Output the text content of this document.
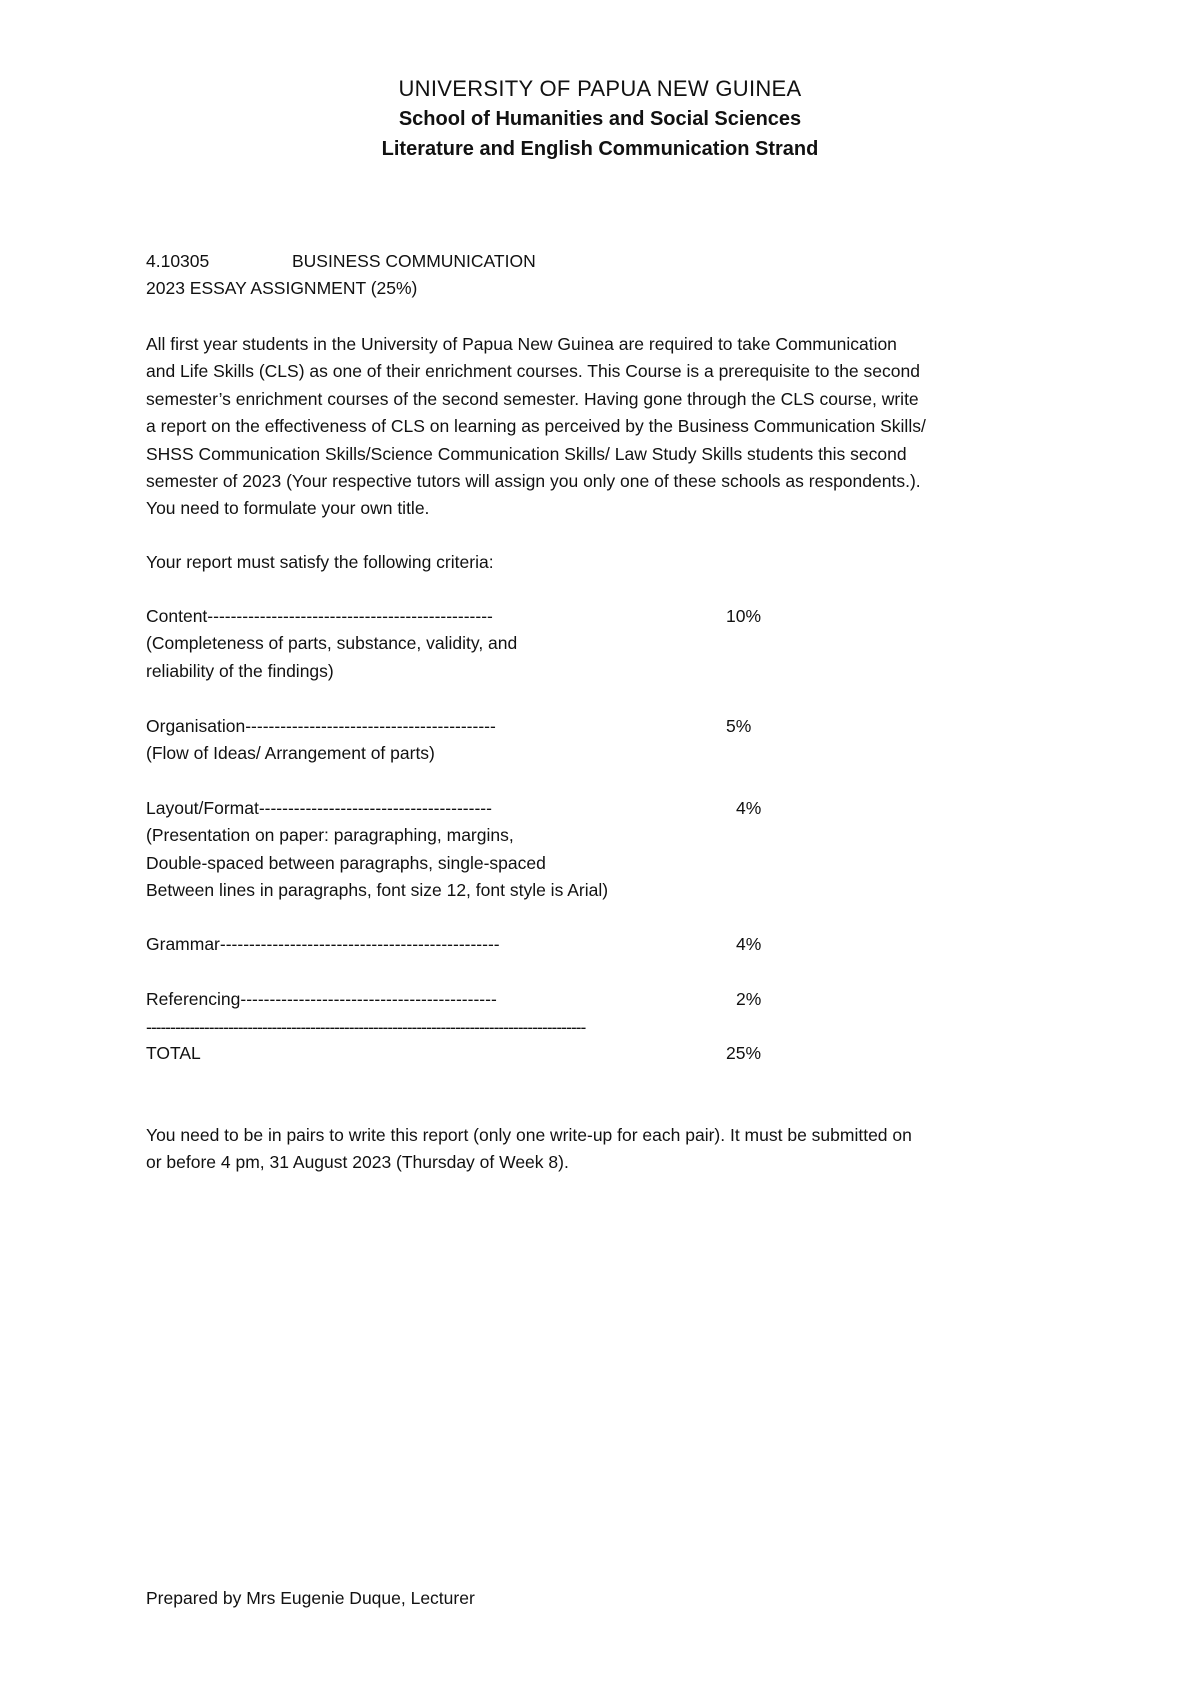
UNIVERSITY OF PAPUA NEW GUINEA
School of Humanities and Social Sciences
Literature and English Communication Strand
4.10305	BUSINESS COMMUNICATION
2023 ESSAY ASSIGNMENT (25%)

All first year students in the University of Papua New Guinea are required to take Communication

and Life Skills (CLS) as one of their enrichment courses. This Course is a prerequisite to the second

semester’s enrichment courses of the second semester. Having gone through the CLS course, write

a report on the effectiveness of CLS on learning as perceived by the Business Communication Skills/

SHSS Communication Skills/Science Communication Skills/ Law Study Skills students this second

semester of 2023 (Your respective tutors will assign you only one of these schools as respondents.).

You need to formulate your own title.

Your report must satisfy the following criteria:
Content-------------------------------------------------	10%
(Completeness of parts, substance, validity, and
reliability of the findings)
Organisation-------------------------------------------	5%
(Flow of Ideas/ Arrangement of parts)
Layout/Format----------------------------------------	4%
(Presentation on paper: paragraphing, margins,
Double-spaced between paragraphs, single-spaced
Between lines in paragraphs, font size 12, font style is Arial)
Grammar------------------------------------------------	4%
Referencing--------------------------------------------	2%
-------------------------------------------------------------------------------------------
TOTAL	25%

You need to be in pairs to write this report (only one write-up for each pair). It must be submitted on

or before 4 pm, 31 August 2023 (Thursday of Week 8).

Prepared by Mrs Eugenie Duque, Lecturer
